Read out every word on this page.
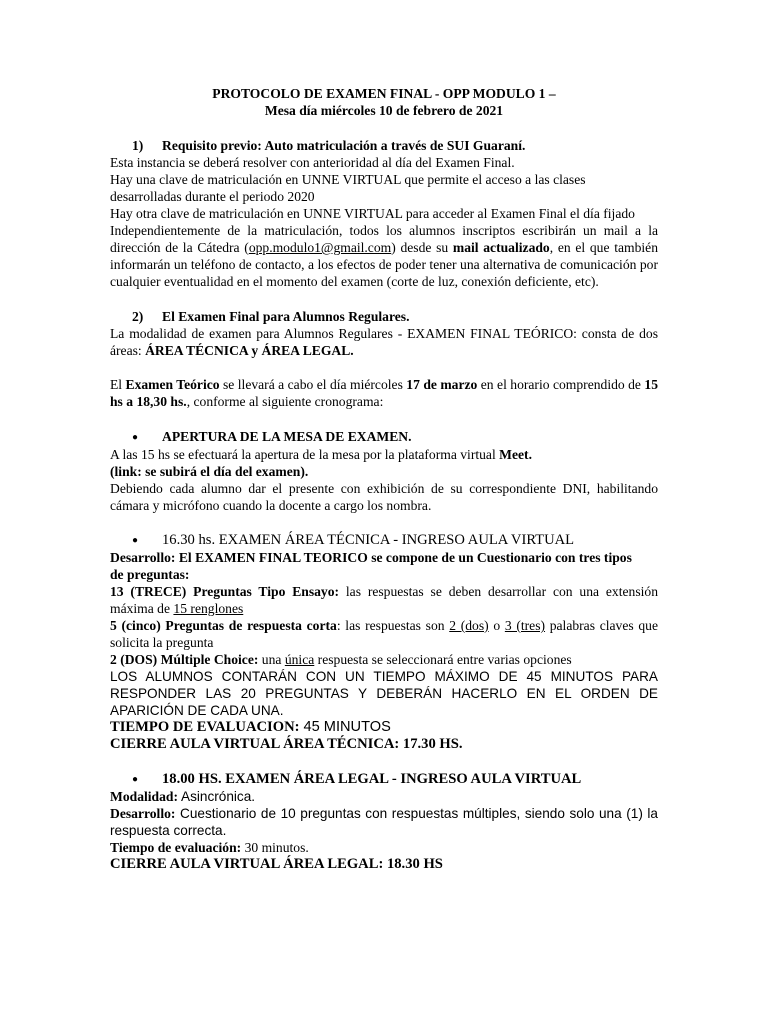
PROTOCOLO DE EXAMEN FINAL - OPP MODULO 1 –

Mesa día miércoles 10 de febrero de 2021

1) Requisito previo: Auto matriculación a través de SUI Guaraní.

Esta instancia se deberá resolver con anterioridad al día del Examen Final.

Hay una clave de matriculación en UNNE VIRTUAL que permite el acceso a las clases desarrolladas durante el periodo 2020

Hay otra clave de matriculación en UNNE VIRTUAL para acceder al Examen Final el día fijado

Independientemente de la matriculación, todos los alumnos inscriptos escribirán un mail a la dirección de la Cátedra (opp.modulo1@gmail.com) desde su mail actualizado, en el que también informarán un teléfono de contacto, a los efectos de poder tener una alternativa de comunicación por cualquier eventualidad en el momento del examen (corte de luz, conexión deficiente, etc).

2) El Examen Final para Alumnos Regulares.

La modalidad de examen para Alumnos Regulares - EXAMEN FINAL TEÓRICO: consta de dos áreas: ÁREA TÉCNICA y ÁREA LEGAL.

El Examen Teórico se llevará a cabo el día miércoles 17 de marzo en el horario comprendido de 15 hs a 18,30 hs., conforme al siguiente cronograma:

● APERTURA DE LA MESA DE EXAMEN.

A las 15 hs se efectuará la apertura de la mesa por la plataforma virtual Meet.

(link: se subirá el día del examen).

Debiendo cada alumno dar el presente con exhibición de su correspondiente DNI, habilitando cámara y micrófono cuando la docente a cargo los nombra.

● 16.30 hs. EXAMEN ÁREA TÉCNICA - INGRESO AULA VIRTUAL

Desarrollo: El EXAMEN FINAL TEORICO se compone de un Cuestionario con tres tipos

de preguntas:

13 (TRECE) Preguntas Tipo Ensayo: las respuestas se deben desarrollar con una extensión máxima de 15 renglones

5 (cinco) Preguntas de respuesta corta: las respuestas son 2 (dos) o 3 (tres) palabras claves que solicita la pregunta

2 (DOS) Múltiple Choice: una única respuesta se seleccionará entre varias opciones

LOS ALUMNOS CONTARÁN CON UN TIEMPO MÁXIMO DE 45 MINUTOS PARA RESPONDER LAS 20 PREGUNTAS Y DEBERÁN HACERLO EN EL ORDEN DE APARICIÓN DE CADA UNA.

TIEMPO DE EVALUACION: 45 MINUTOS

CIERRE AULA VIRTUAL ÁREA TÉCNICA: 17.30 HS.

● 18.00 HS. EXAMEN ÁREA LEGAL - INGRESO AULA VIRTUAL

Modalidad: Asincrónica.

Desarrollo: Cuestionario de 10 preguntas con respuestas múltiples, siendo solo una (1) la respuesta correcta.

Tiempo de evaluación: 30 minutos.

CIERRE AULA VIRTUAL ÁREA LEGAL: 18.30 HS
